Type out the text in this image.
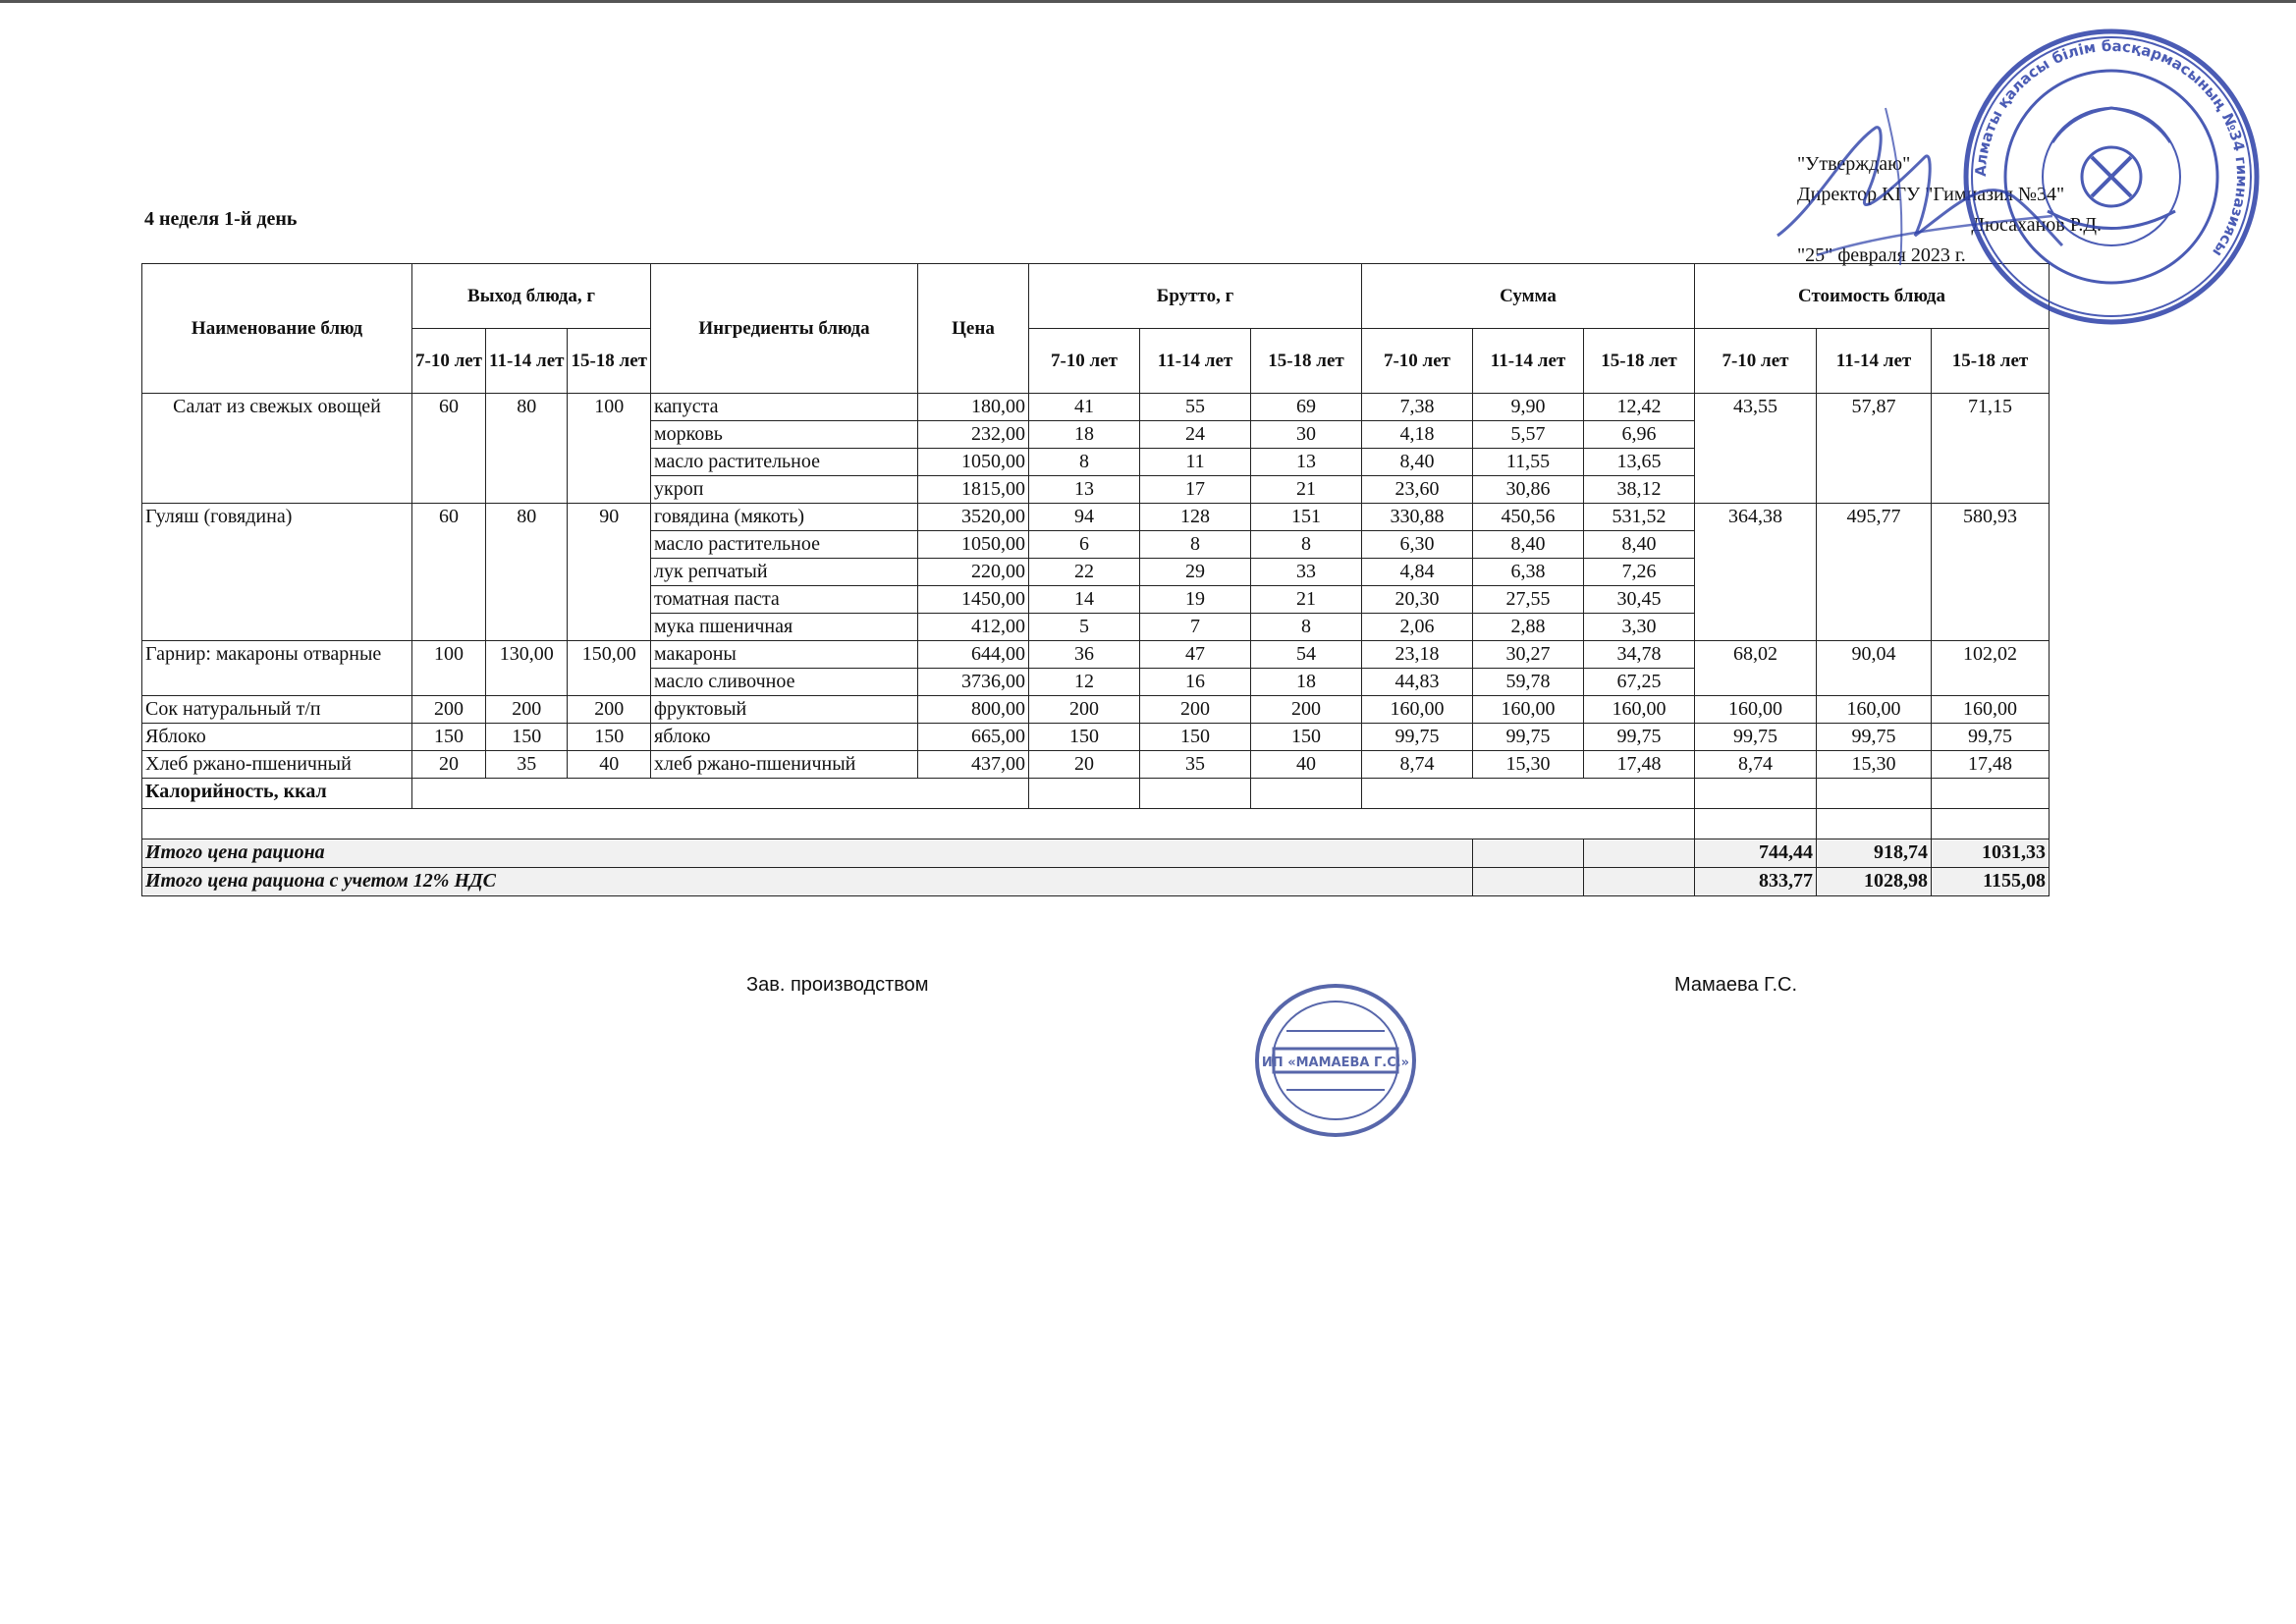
4 неделя 1-й день
"Утверждаю"
Директор КГУ "Гимназия №34"
Дюсаханов Р.Д.
"25" февраля 2023 г.
Наименование блюд	Выход блюда, г			Ингредиенты блюда	Цена	Брутто, г			Сумма			Стоимость блюда		
	7-10 лет	11-14 лет	15-18 лет			7-10 лет	11-14 лет	15-18 лет	7-10 лет	11-14 лет	15-18 лет	7-10 лет	11-14 лет	15-18 лет
Салат из свежых овощей	60	80	100	капуста	180,00	41	55	69	7,38	9,90	12,42	43,55	57,87	71,15
				морковь	232,00	18	24	30	4,18	5,57	6,96			
				масло растительное	1050,00	8	11	13	8,40	11,55	13,65			
				укроп	1815,00	13	17	21	23,60	30,86	38,12			
Гуляш (говядина)	60	80	90	говядина (мякоть)	3520,00	94	128	151	330,88	450,56	531,52	364,38	495,77	580,93
				масло растительное	1050,00	6	8	8	6,30	8,40	8,40			
				лук репчатый	220,00	22	29	33	4,84	6,38	7,26			
				томатная паста	1450,00	14	19	21	20,30	27,55	30,45			
				мука пшеничная	412,00	5	7	8	2,06	2,88	3,30			
Гарнир: макароны отварные	100	130,00	150,00	макароны	644,00	36	47	54	23,18	30,27	34,78	68,02	90,04	102,02
				масло сливочное	3736,00	12	16	18	44,83	59,78	67,25			
Сок натуральный т/п	200	200	200	фруктовый	800,00	200	200	200	160,00	160,00	160,00	160,00	160,00	160,00
Яблоко	150	150	150	яблоко	665,00	150	150	150	99,75	99,75	99,75	99,75	99,75	99,75
Хлеб ржано-пшеничный	20	35	40	хлеб ржано-пшеничный	437,00	20	35	40	8,74	15,30	17,48	8,74	15,30	17,48
Калорийность, ккал														

Итого цена рациона												744,44	918,74	1031,33
Итого цена рациона с учетом 12% НДС												833,77	1028,98	1155,08
Алматы қаласы білім басқармасының №34 гимназиясы
ИП «МАМАЕВА Г.С.»
Зав. производством	Мамаева Г.С.
